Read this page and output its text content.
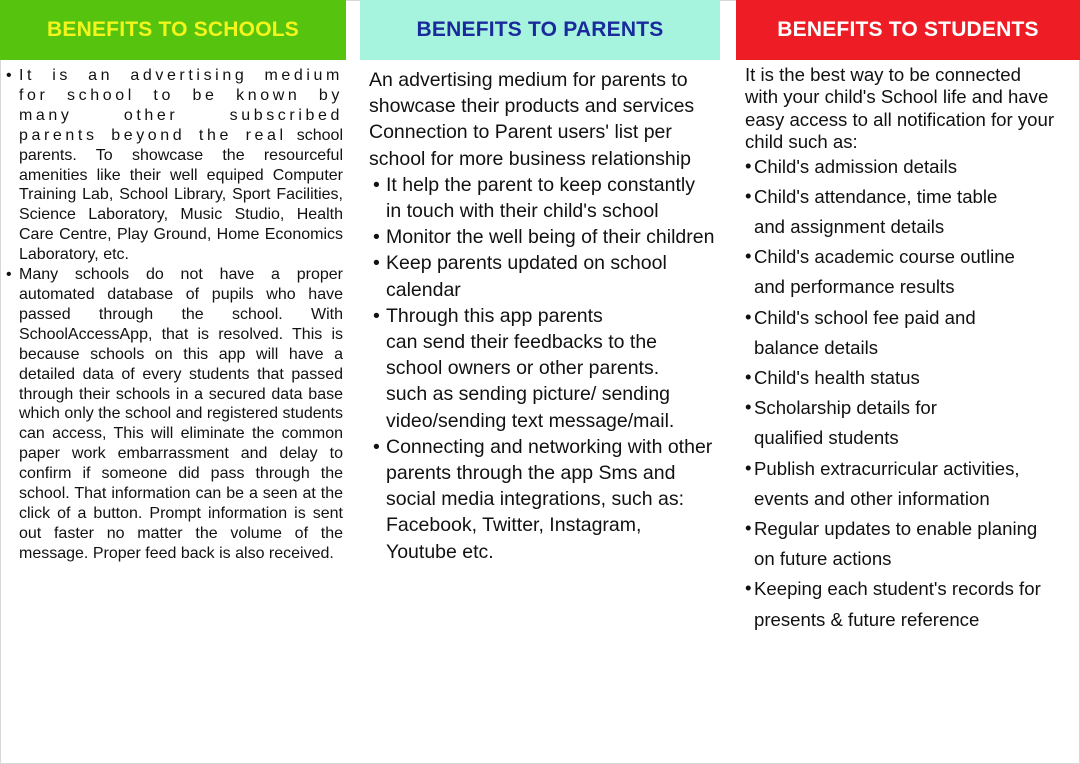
BENEFITS TO SCHOOLS
• It is an advertising medium for school to be known by many other subscribed parents beyond the real school parents. To showcase the resourceful amenities like their well equiped Computer Training Lab, School Library, Sport Facilities, Science Laboratory, Music Studio, Health Care Centre, Play Ground, Home Economics Laboratory, etc.
• Many schools do not have a proper automated database of pupils who have passed through the school. With SchoolAccessApp, that is resolved. This is because schools on this app will have a detailed data of every students that passed through their schools in a secured data base which only the school and registered students can access, This will eliminate the common paper work embarrassment and delay to confirm if someone did pass through the school. That information can be a seen at the click of a button. Prompt information is sent out faster no matter the volume of the message. Proper feed back is also received.
BENEFITS TO PARENTS
An advertising medium for parents to
showcase their products and services
Connection to Parent users' list per
school for more business relationship
• It help the parent to keep constantly
in touch with their child's school
• Monitor the well being of their children
• Keep parents updated on school
calendar
• Through this app parents
can send their feedbacks to the
school owners or other parents.
such as sending picture/ sending
video/sending text message/mail.
• Connecting and networking with other
parents through the app Sms and
social media integrations, such as:
Facebook, Twitter, Instagram,
Youtube etc.
BENEFITS TO STUDENTS
It is the best way to be connected
with your child's School life and have
easy access to all notification for your
child such as:
• Child's admission details
• Child's attendance, time table
and assignment details
• Child's academic course outline
and performance results
• Child's school fee paid and
balance details
• Child's health status
• Scholarship details for
qualified students
• Publish extracurricular activities,
events and other information
• Regular updates to enable planing
on future actions
• Keeping each student's records for
presents & future reference
